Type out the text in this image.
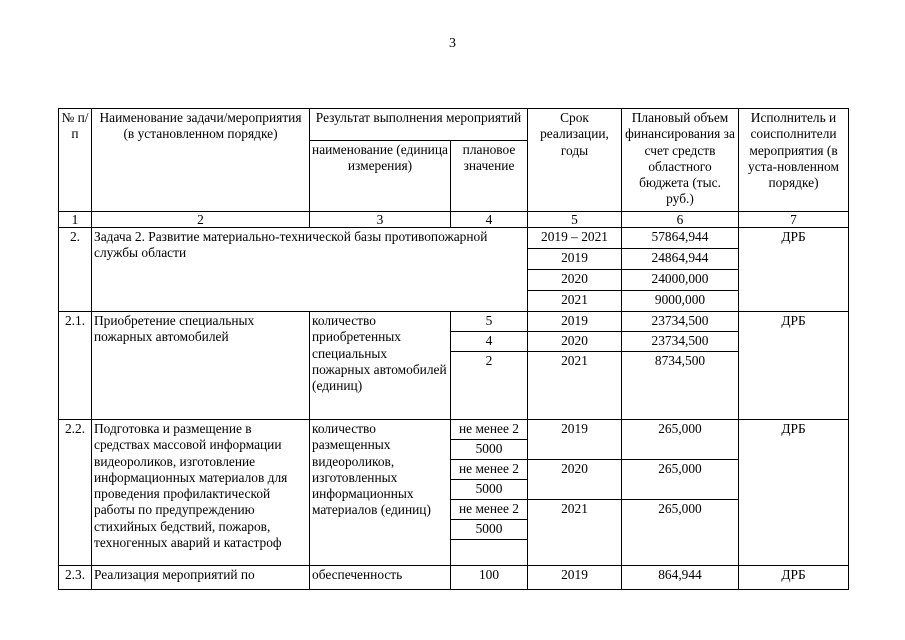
3
№ п/п	Наименование задачи/мероприятия (в установленном порядке)	Результат выполнения мероприятий		Срок реализации, годы	Плановый объем финансирования за счет средств областного бюджета (тыс. руб.)	Исполнитель и соисполнители мероприятия (в уста-новленном порядке)
		наименование (единица измерения)	плановое значение			
1	2	3	4	5	6	7
2.	Задача 2. Развитие материально-технической базы противопожарной службы области			2019 – 2021	57864,944	ДРБ
				2019	24864,944	
				2020	24000,000	
				2021	9000,000	
2.1.	Приобретение специальных пожарных автомобилей	количество приобретенных специальных пожарных автомобилей (единиц)	5	2019	23734,500	ДРБ
			4	2020	23734,500	
			2	2021	8734,500	
2.2.	Подготовка и размещение в средствах массовой информации видеороликов, изготовление информационных материалов для проведения профилактической работы по предупреждению стихийных бедствий, пожаров, техногенных аварий и катастроф	количество размещенных видеороликов, изготовленных информационных материалов (единиц)	не менее 2	2019	265,000	ДРБ
			5000			
			не менее 2	2020	265,000	
			5000			
			не менее 2	2021	265,000	
			5000			

2.3.	Реализация мероприятий по	обеспеченность	100	2019	864,944	ДРБ
